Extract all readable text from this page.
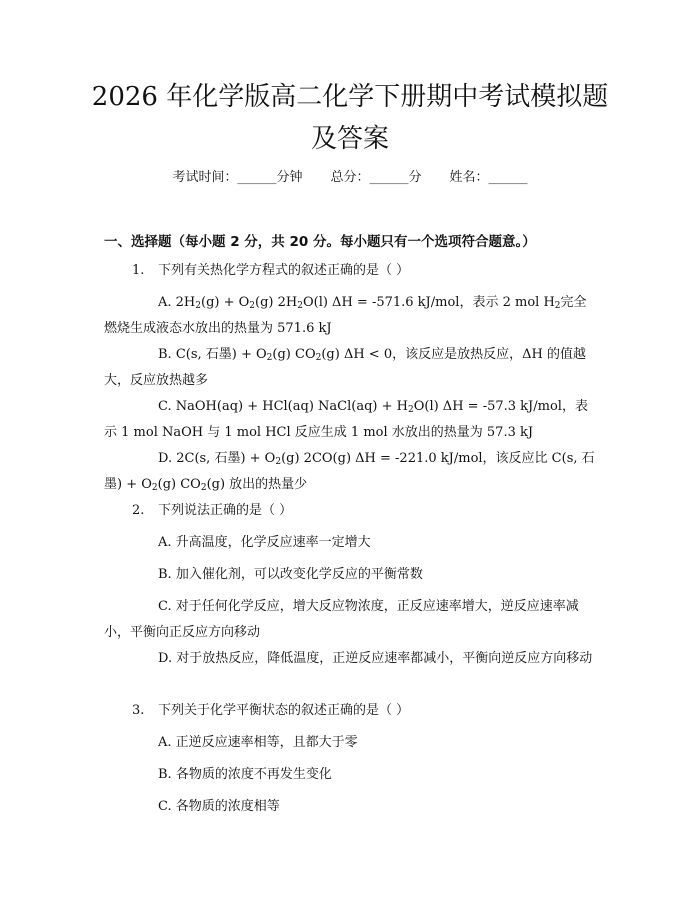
2026 年化学版高二化学下册期中考试模拟题
及答案
考试时间：______分钟 总分：______分 姓名：______
一、选择题（每小题 2 分，共 20 分。每小题只有一个选项符合题意。）
1. 下列有关热化学方程式的叙述正确的是（ ）
A. $2H_2(g) + O_2(g)$ $2H_2O(l) \Delta H = -571.6$ kJ/mol，表示 2 mol $H_2$完全燃烧生成液态水放出的热量为 571.6 kJ
B. C(s, 石墨) + $O_2(g)$ $CO_2(g) \Delta H < 0$，该反应是放热反应，ΔH 的值越大，反应放热越多
C. NaOH(aq) + HCl(aq) NaCl(aq) + $H_2O(l) \Delta H = -57.3$ kJ/mol，表示 1 mol NaOH 与 1 mol HCl 反应生成 1 mol 水放出的热量为 57.3 kJ
D. 2C(s, 石墨) + $O_2(g)$ 2CO(g) ΔH = -221.0 kJ/mol，该反应比 C(s, 石墨) + $O_2(g)$ $CO_2(g)$ 放出的热量少
2. 下列说法正确的是（ ）
A. 升高温度，化学反应速率一定增大
B. 加入催化剂，可以改变化学反应的平衡常数
C. 对于任何化学反应，增大反应物浓度，正反应速率增大，逆反应速率减小，平衡向正反应方向移动
D. 对于放热反应，降低温度，正逆反应速率都减小，平衡向逆反应方向移动
3. 下列关于化学平衡状态的叙述正确的是（ ）
A. 正逆反应速率相等，且都大于零
B. 各物质的浓度不再发生变化
C. 各物质的浓度相等
